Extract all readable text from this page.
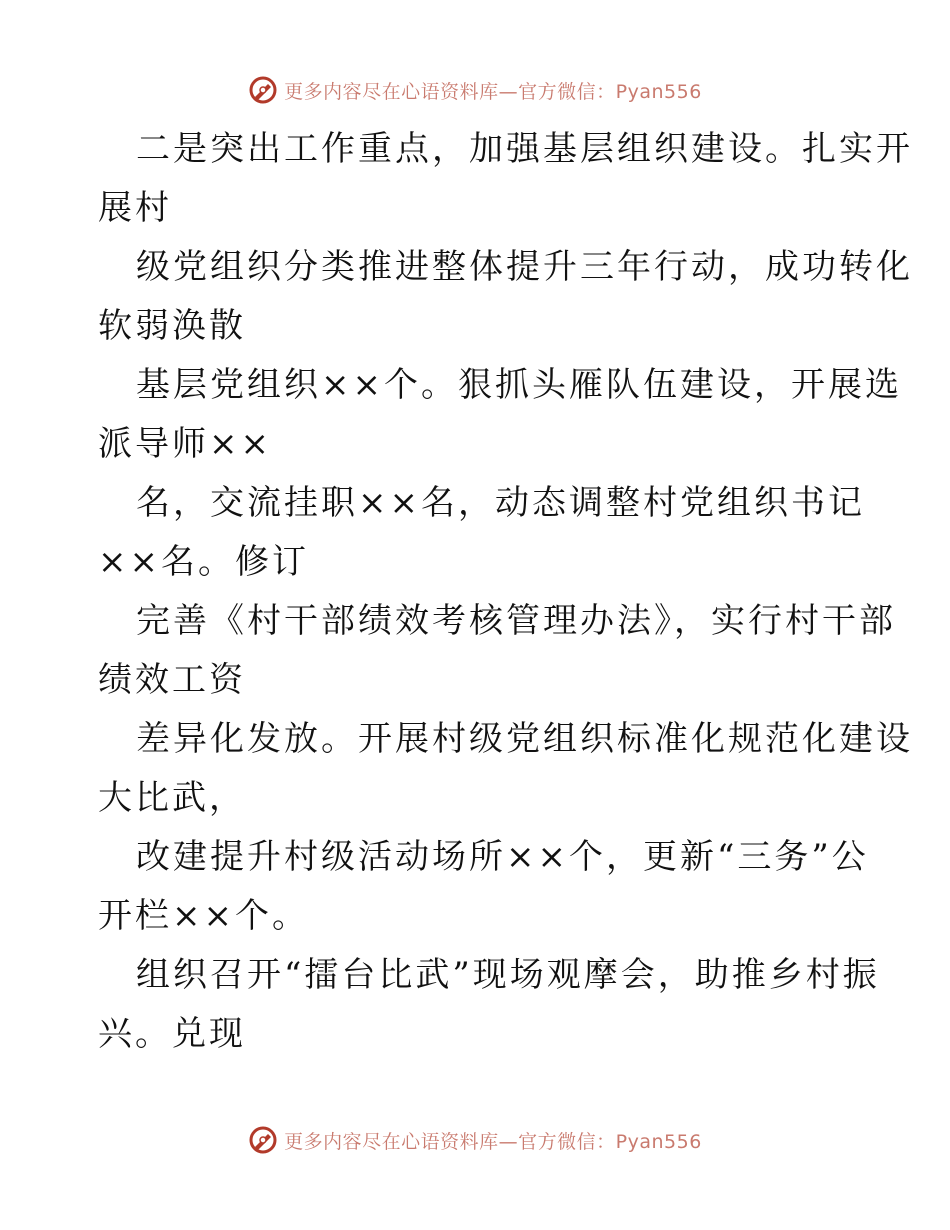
更多内容尽在心语资料库—官方微信：Pyan556

二是突出工作重点，加强基层组织建设。扎实开
展村

级党组织分类推进整体提升三年行动，成功转化
软弱涣散

基层党组织××个。狠抓头雁队伍建设，开展选
派导师××

名，交流挂职××名，动态调整村党组织书记
××名。修订

完善《村干部绩效考核管理办法》，实行村干部
绩效工资

差异化发放。开展村级党组织标准化规范化建设
大比武，

改建提升村级活动场所××个，更新“三务”公
开栏××个。

组织召开“擂台比武”现场观摩会，助推乡村振
兴。兑现

更多内容尽在心语资料库—官方微信：Pyan556
